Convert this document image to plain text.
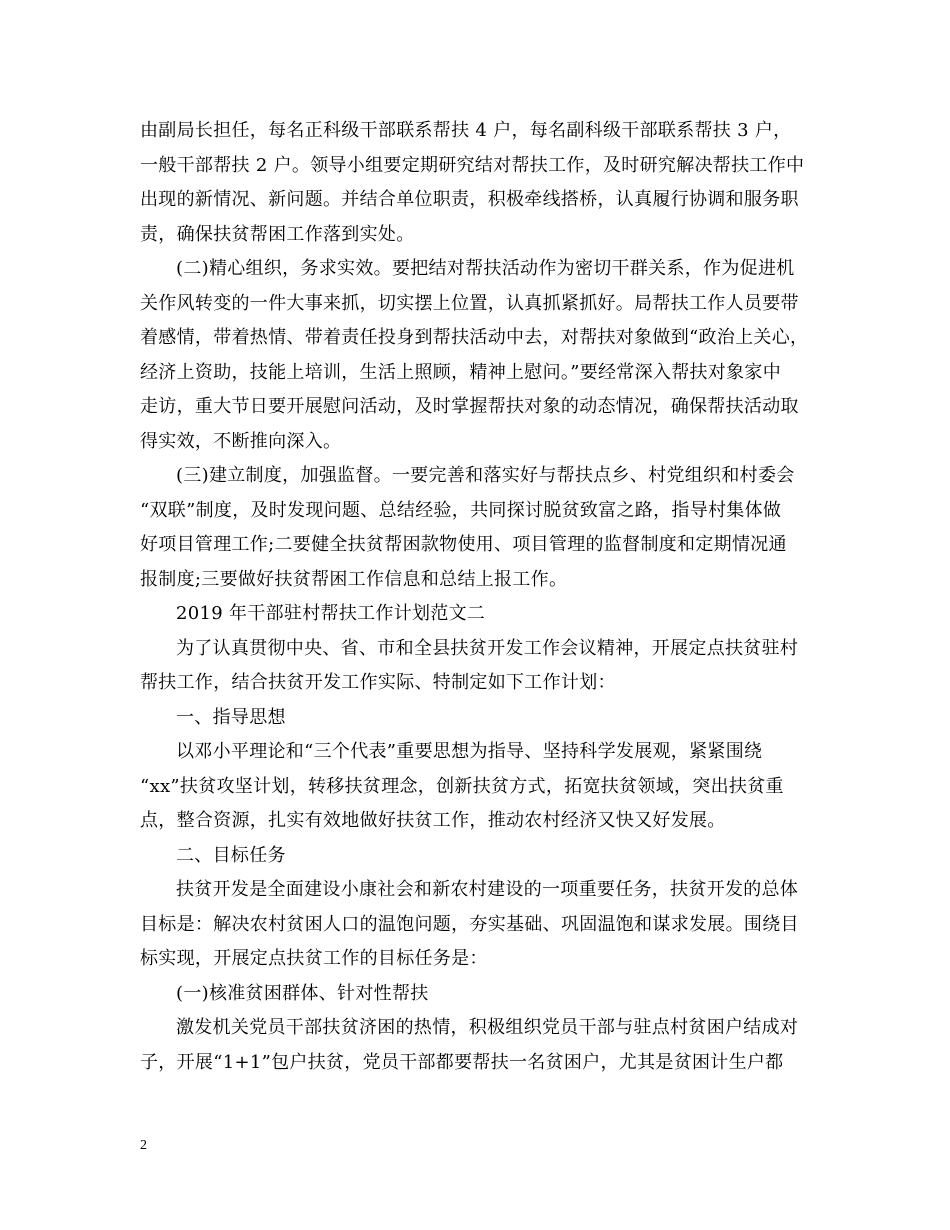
由副局长担任，每名正科级干部联系帮扶 4 户，每名副科级干部联系帮扶 3 户，
一般干部帮扶 2 户。领导小组要定期研究结对帮扶工作，及时研究解决帮扶工作中
出现的新情况、新问题。并结合单位职责，积极牵线搭桥，认真履行协调和服务职
责，确保扶贫帮困工作落到实处。
(二)精心组织，务求实效。要把结对帮扶活动作为密切干群关系，作为促进机
关作风转变的一件大事来抓，切实摆上位置，认真抓紧抓好。局帮扶工作人员要带
着感情，带着热情、带着责任投身到帮扶活动中去，对帮扶对象做到“政治上关心，
经济上资助，技能上培训，生活上照顾，精神上慰问。”要经常深入帮扶对象家中
走访，重大节日要开展慰问活动，及时掌握帮扶对象的动态情况，确保帮扶活动取
得实效，不断推向深入。
(三)建立制度，加强监督。一要完善和落实好与帮扶点乡、村党组织和村委会
“双联”制度，及时发现问题、总结经验，共同探讨脱贫致富之路，指导村集体做
好项目管理工作;二要健全扶贫帮困款物使用、项目管理的监督制度和定期情况通
报制度;三要做好扶贫帮困工作信息和总结上报工作。
2019 年干部驻村帮扶工作计划范文二
为了认真贯彻中央、省、市和全县扶贫开发工作会议精神，开展定点扶贫驻村
帮扶工作，结合扶贫开发工作实际、特制定如下工作计划：
一、指导思想
以邓小平理论和“三个代表”重要思想为指导、坚持科学发展观，紧紧围绕
“xx”扶贫攻坚计划，转移扶贫理念，创新扶贫方式，拓宽扶贫领域，突出扶贫重
点，整合资源，扎实有效地做好扶贫工作，推动农村经济又快又好发展。
二、目标任务
扶贫开发是全面建设小康社会和新农村建设的一项重要任务，扶贫开发的总体
目标是：解决农村贫困人口的温饱问题，夯实基础、巩固温饱和谋求发展。围绕目
标实现，开展定点扶贫工作的目标任务是：
(一)核准贫困群体、针对性帮扶
激发机关党员干部扶贫济困的热情，积极组织党员干部与驻点村贫困户结成对
子，开展“1+1”包户扶贫，党员干部都要帮扶一名贫困户，尤其是贫困计生户都
2
